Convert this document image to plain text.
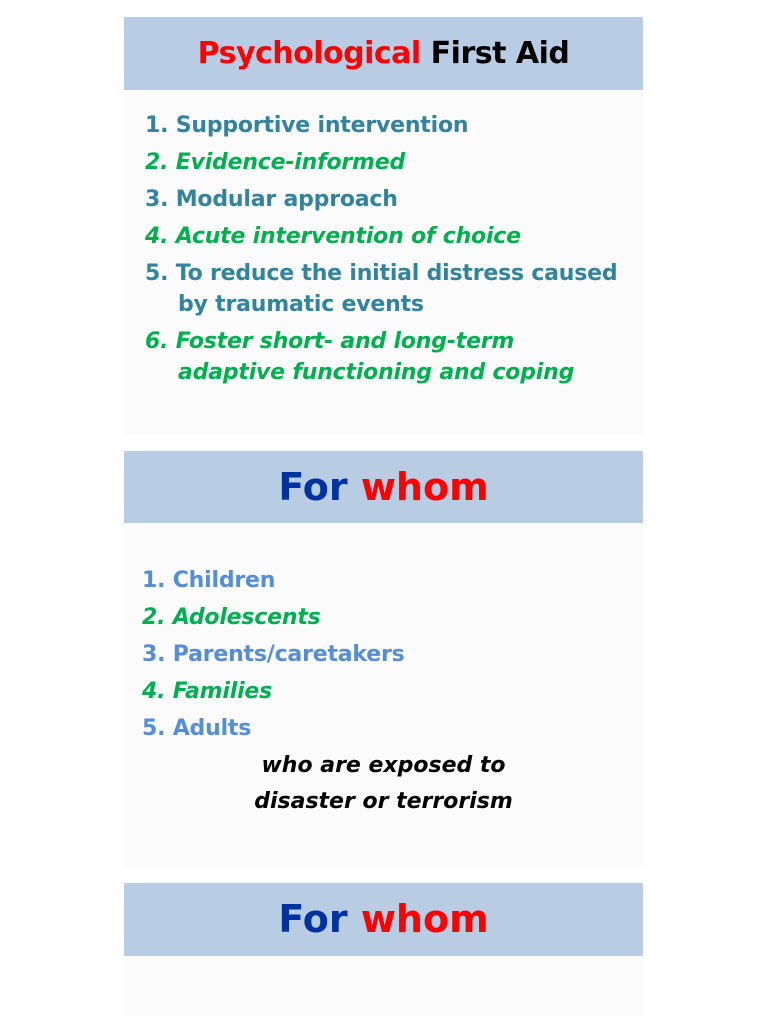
Psychological First Aid
1. Supportive intervention
2. Evidence-informed
3. Modular approach
4. Acute intervention of choice
5. To reduce the initial distress caused
by traumatic events
6. Foster short- and long-term
adaptive functioning and coping
For whom
1. Children
2. Adolescents
3. Parents/caretakers
4. Families
5. Adults
who are exposed to
disaster or terrorism
For whom
